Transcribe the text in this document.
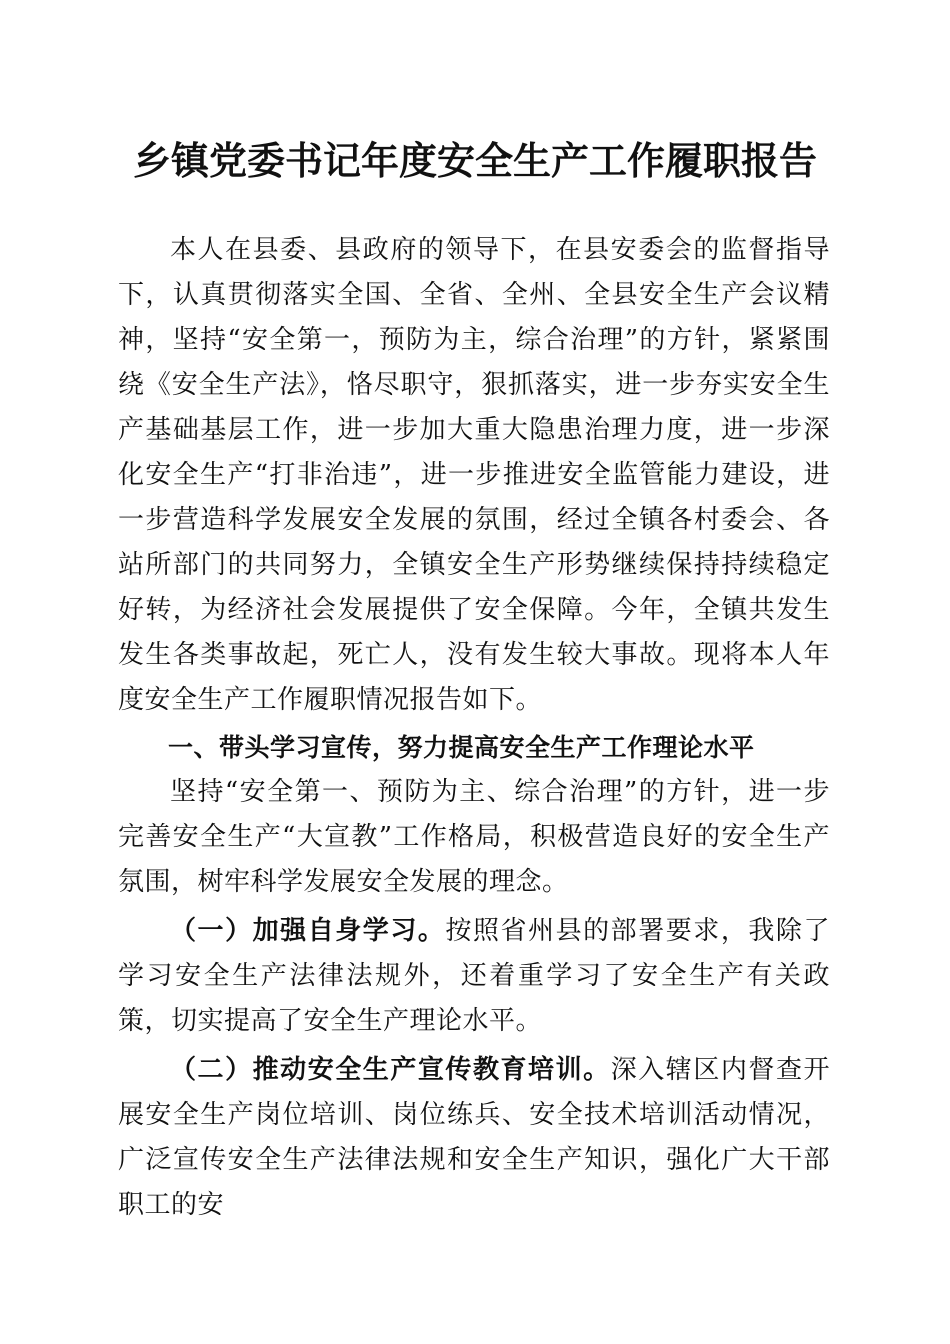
乡镇党委书记年度安全生产工作履职报告

本人在县委、县政府的领导下，在县安委会的监督指导下，认真贯彻落实全国、全省、全州、全县安全生产会议精神，坚持“安全第一，预防为主，综合治理”的方针，紧紧围绕《安全生产法》，恪尽职守，狠抓落实，进一步夯实安全生产基础基层工作，进一步加大重大隐患治理力度，进一步深化安全生产“打非治违”，进一步推进安全监管能力建设，进一步营造科学发展安全发展的氛围，经过全镇各村委会、各站所部门的共同努力，全镇安全生产形势继续保持持续稳定好转，为经济社会发展提供了安全保障。今年，全镇共发生发生各类事故起，死亡人，没有发生较大事故。现将本人年度安全生产工作履职情况报告如下。

一、带头学习宣传，努力提高安全生产工作理论水平

坚持“安全第一、预防为主、综合治理”的方针，进一步完善安全生产“大宣教”工作格局，积极营造良好的安全生产氛围，树牢科学发展安全发展的理念。

（一）加强自身学习。按照省州县的部署要求，我除了学习安全生产法律法规外，还着重学习了安全生产有关政策，切实提高了安全生产理论水平。

（二）推动安全生产宣传教育培训。深入辖区内督查开展安全生产岗位培训、岗位练兵、安全技术培训活动情况，广泛宣传安全生产法律法规和安全生产知识，强化广大干部职工的安
